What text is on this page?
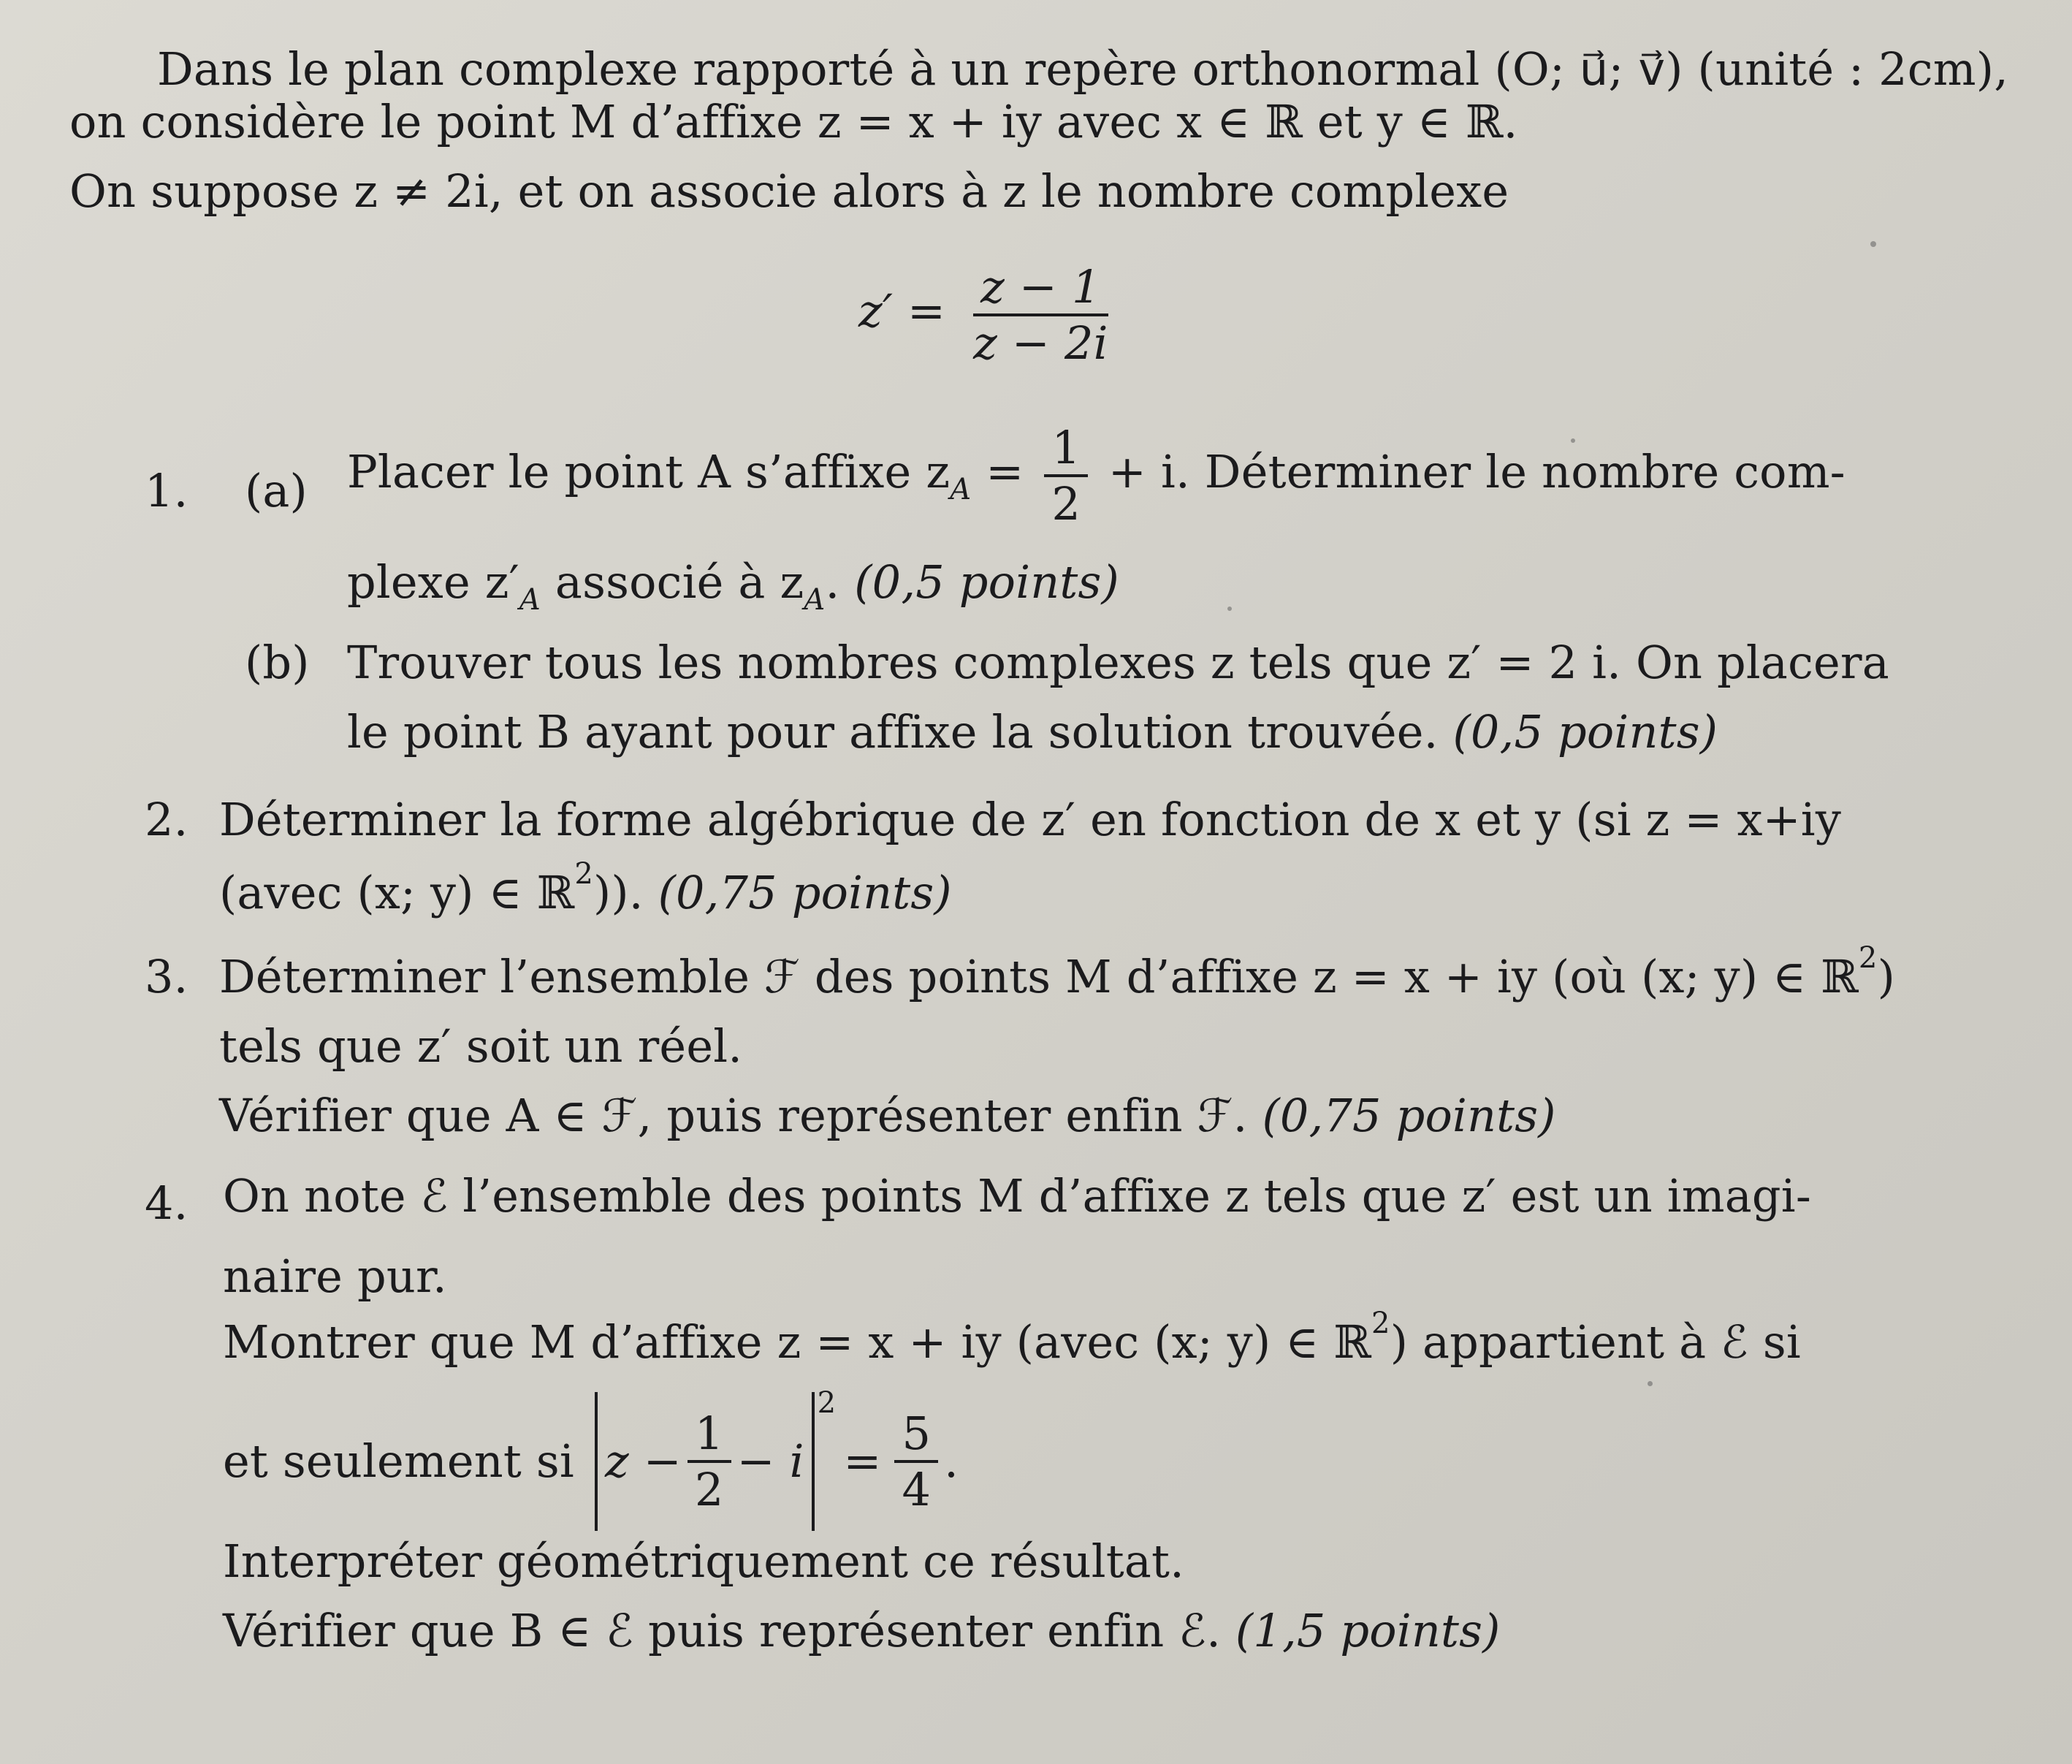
Dans le plan complexe rapporté à un repère orthonormal (O; u⃗; v⃗) (unité : 2cm),
on considère le point M d’affixe z = x + iy avec x ∈ ℝ et y ∈ ℝ.
On suppose z ≠ 2i, et on associe alors à z le nombre complexe
$z' = \frac{z - 1}{z - 2i}$
1. (a) Placer le point A s’affixe $z_A = \frac{1}{2} + i$. Déterminer le nombre com-
plexe $z'_A$ associé à $z_A$. (0,5 points)
(b) Trouver tous les nombres complexes z tels que z′ = 2 i. On placera
le point B ayant pour affixe la solution trouvée. (0,5 points)
2. Déterminer la forme algébrique de z′ en fonction de x et y (si z = x+iy
(avec (x; y) ∈ ℝ$^2$)). (0,75 points)
3. Déterminer l’ensemble ℱ des points M d’affixe z = x + iy (où (x; y) ∈ ℝ$^2$)
tels que z′ soit un réel.
Vérifier que A ∈ ℱ, puis représenter enfin ℱ. (0,75 points)
4. On note ℰ l’ensemble des points M d’affixe z tels que z′ est un imagi-
naire pur.
Montrer que M d’affixe z = x + iy (avec (x; y) ∈ ℝ$^2$) appartient à ℰ si
et seulement si $z - \frac{1}{2} - i$
2
= $\frac{5}{4}$ .
Interpréter géométriquement ce résultat.
Vérifier que B ∈ ℰ puis représenter enfin ℰ. (1,5 points)
